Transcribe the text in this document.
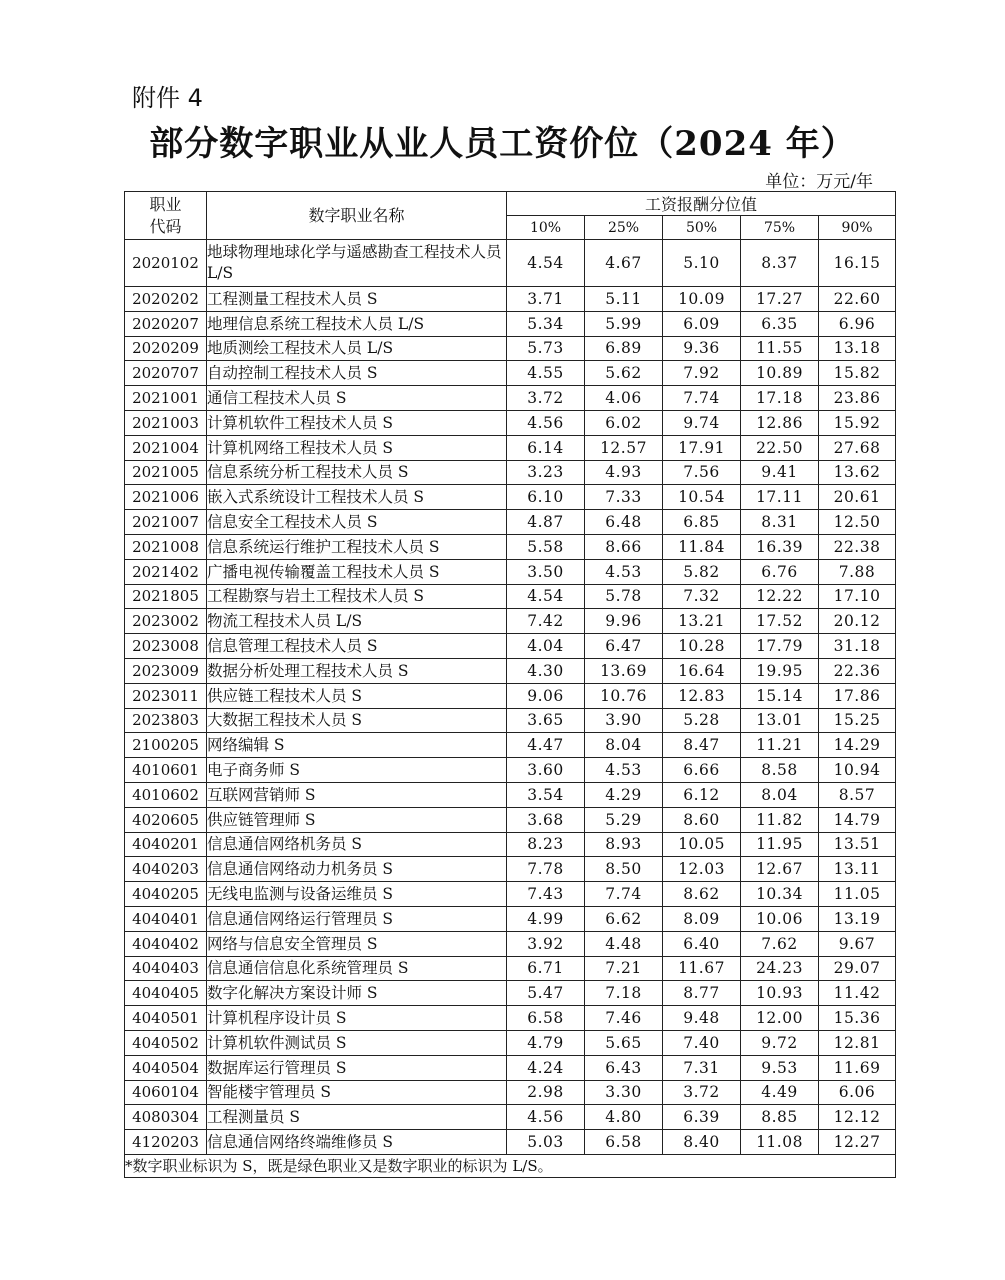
附件 4
部分数字职业从业人员工资价位（2024 年）
单位：万元/年
职业
代码	数字职业名称	工资报酬分位值				
		10%	25%	50%	75%	90%
2020102	地球物理地球化学与遥感勘查工程技术人员 L/S	4.54	4.67	5.10	8.37	16.15
2020202	工程测量工程技术人员 S	3.71	5.11	10.09	17.27	22.60
2020207	地理信息系统工程技术人员 L/S	5.34	5.99	6.09	6.35	6.96
2020209	地质测绘工程技术人员 L/S	5.73	6.89	9.36	11.55	13.18
2020707	自动控制工程技术人员 S	4.55	5.62	7.92	10.89	15.82
2021001	通信工程技术人员 S	3.72	4.06	7.74	17.18	23.86
2021003	计算机软件工程技术人员 S	4.56	6.02	9.74	12.86	15.92
2021004	计算机网络工程技术人员 S	6.14	12.57	17.91	22.50	27.68
2021005	信息系统分析工程技术人员 S	3.23	4.93	7.56	9.41	13.62
2021006	嵌入式系统设计工程技术人员 S	6.10	7.33	10.54	17.11	20.61
2021007	信息安全工程技术人员 S	4.87	6.48	6.85	8.31	12.50
2021008	信息系统运行维护工程技术人员 S	5.58	8.66	11.84	16.39	22.38
2021402	广播电视传输覆盖工程技术人员 S	3.50	4.53	5.82	6.76	7.88
2021805	工程勘察与岩土工程技术人员 S	4.54	5.78	7.32	12.22	17.10
2023002	物流工程技术人员 L/S	7.42	9.96	13.21	17.52	20.12
2023008	信息管理工程技术人员 S	4.04	6.47	10.28	17.79	31.18
2023009	数据分析处理工程技术人员 S	4.30	13.69	16.64	19.95	22.36
2023011	供应链工程技术人员 S	9.06	10.76	12.83	15.14	17.86
2023803	大数据工程技术人员 S	3.65	3.90	5.28	13.01	15.25
2100205	网络编辑 S	4.47	8.04	8.47	11.21	14.29
4010601	电子商务师 S	3.60	4.53	6.66	8.58	10.94
4010602	互联网营销师 S	3.54	4.29	6.12	8.04	8.57
4020605	供应链管理师 S	3.68	5.29	8.60	11.82	14.79
4040201	信息通信网络机务员 S	8.23	8.93	10.05	11.95	13.51
4040203	信息通信网络动力机务员 S	7.78	8.50	12.03	12.67	13.11
4040205	无线电监测与设备运维员 S	7.43	7.74	8.62	10.34	11.05
4040401	信息通信网络运行管理员 S	4.99	6.62	8.09	10.06	13.19
4040402	网络与信息安全管理员 S	3.92	4.48	6.40	7.62	9.67
4040403	信息通信信息化系统管理员 S	6.71	7.21	11.67	24.23	29.07
4040405	数字化解决方案设计师 S	5.47	7.18	8.77	10.93	11.42
4040501	计算机程序设计员 S	6.58	7.46	9.48	12.00	15.36
4040502	计算机软件测试员 S	4.79	5.65	7.40	9.72	12.81
4040504	数据库运行管理员 S	4.24	6.43	7.31	9.53	11.69
4060104	智能楼宇管理员 S	2.98	3.30	3.72	4.49	6.06
4080304	工程测量员 S	4.56	4.80	6.39	8.85	12.12
4120203	信息通信网络终端维修员 S	5.03	6.58	8.40	11.08	12.27
*数字职业标识为 S，既是绿色职业又是数字职业的标识为 L/S。						
